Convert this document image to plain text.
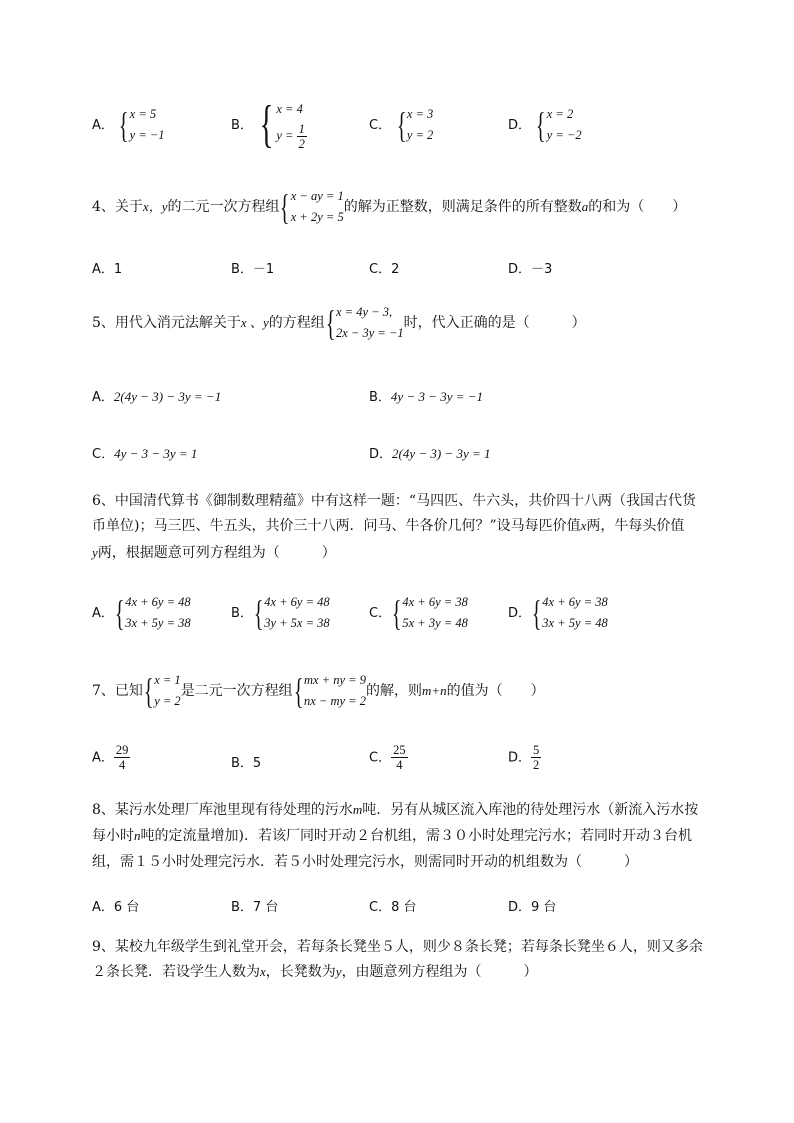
A． { x = 5
y = −1
B． { x = 4
$y = \frac{1}{2}$	C． { x = 3
y = 2
D． { x = 2
y = −2
4、关于x，y的二元一次方程组 { x − ay = 1
x + 2y = 5
的解为正整数，则满足条件的所有整数a的和为（　　）
A．1	B．－1	C．2	D．－3
5、用代入消元法解关于x 、y的方程组 { x = 4y − 3,
2x − 3y = −1
时，代入正确的是（　　　）
A．2(4y − 3) − 3y = −1	B．4y − 3 − 3y = −1
C．4y − 3 − 3y = 1	D．2(4y − 3) − 3y = 1
6、中国清代算书《御制数理精蕴》中有这样一题：“马四匹、牛六头，共价四十八两（我国古代货
币单位)；马三匹、牛五头，共价三十八两．问马、牛各价几何？”设马每匹价值x两，牛每头价值
y两，根据题意可列方程组为（　　　）
A． { 4x + 6y = 48
3x + 5y = 38
B． { 4x + 6y = 48
3y + 5x = 38
C． { 4x + 6y = 38
5x + 3y = 48
D． { 4x + 6y = 38
3x + 5y = 48
7、已知 { x = 1
y = 2
是二元一次方程组 { mx + ny = 9
nx − my = 2
的解，则m+n的值为（　　）
A． $\frac{29}{4}$	B．5	C． $\frac{25}{4}$	D． $\frac{5}{2}$
8、某污水处理厂库池里现有待处理的污水m吨．另有从城区流入库池的待处理污水（新流入污水按
每小时n吨的定流量增加)．若该厂同时开动２台机组，需３０小时处理完污水；若同时开动３台机
组，需１５小时处理完污水．若５小时处理完污水，则需同时开动的机组数为（　　　）
A．6 台	B．7 台	C．8 台	D．9 台
9、某校九年级学生到礼堂开会，若每条长凳坐５人，则少８条长凳；若每条长凳坐６人，则又多余
２条长凳．若设学生人数为x，长凳数为y，由题意列方程组为（　　　）
